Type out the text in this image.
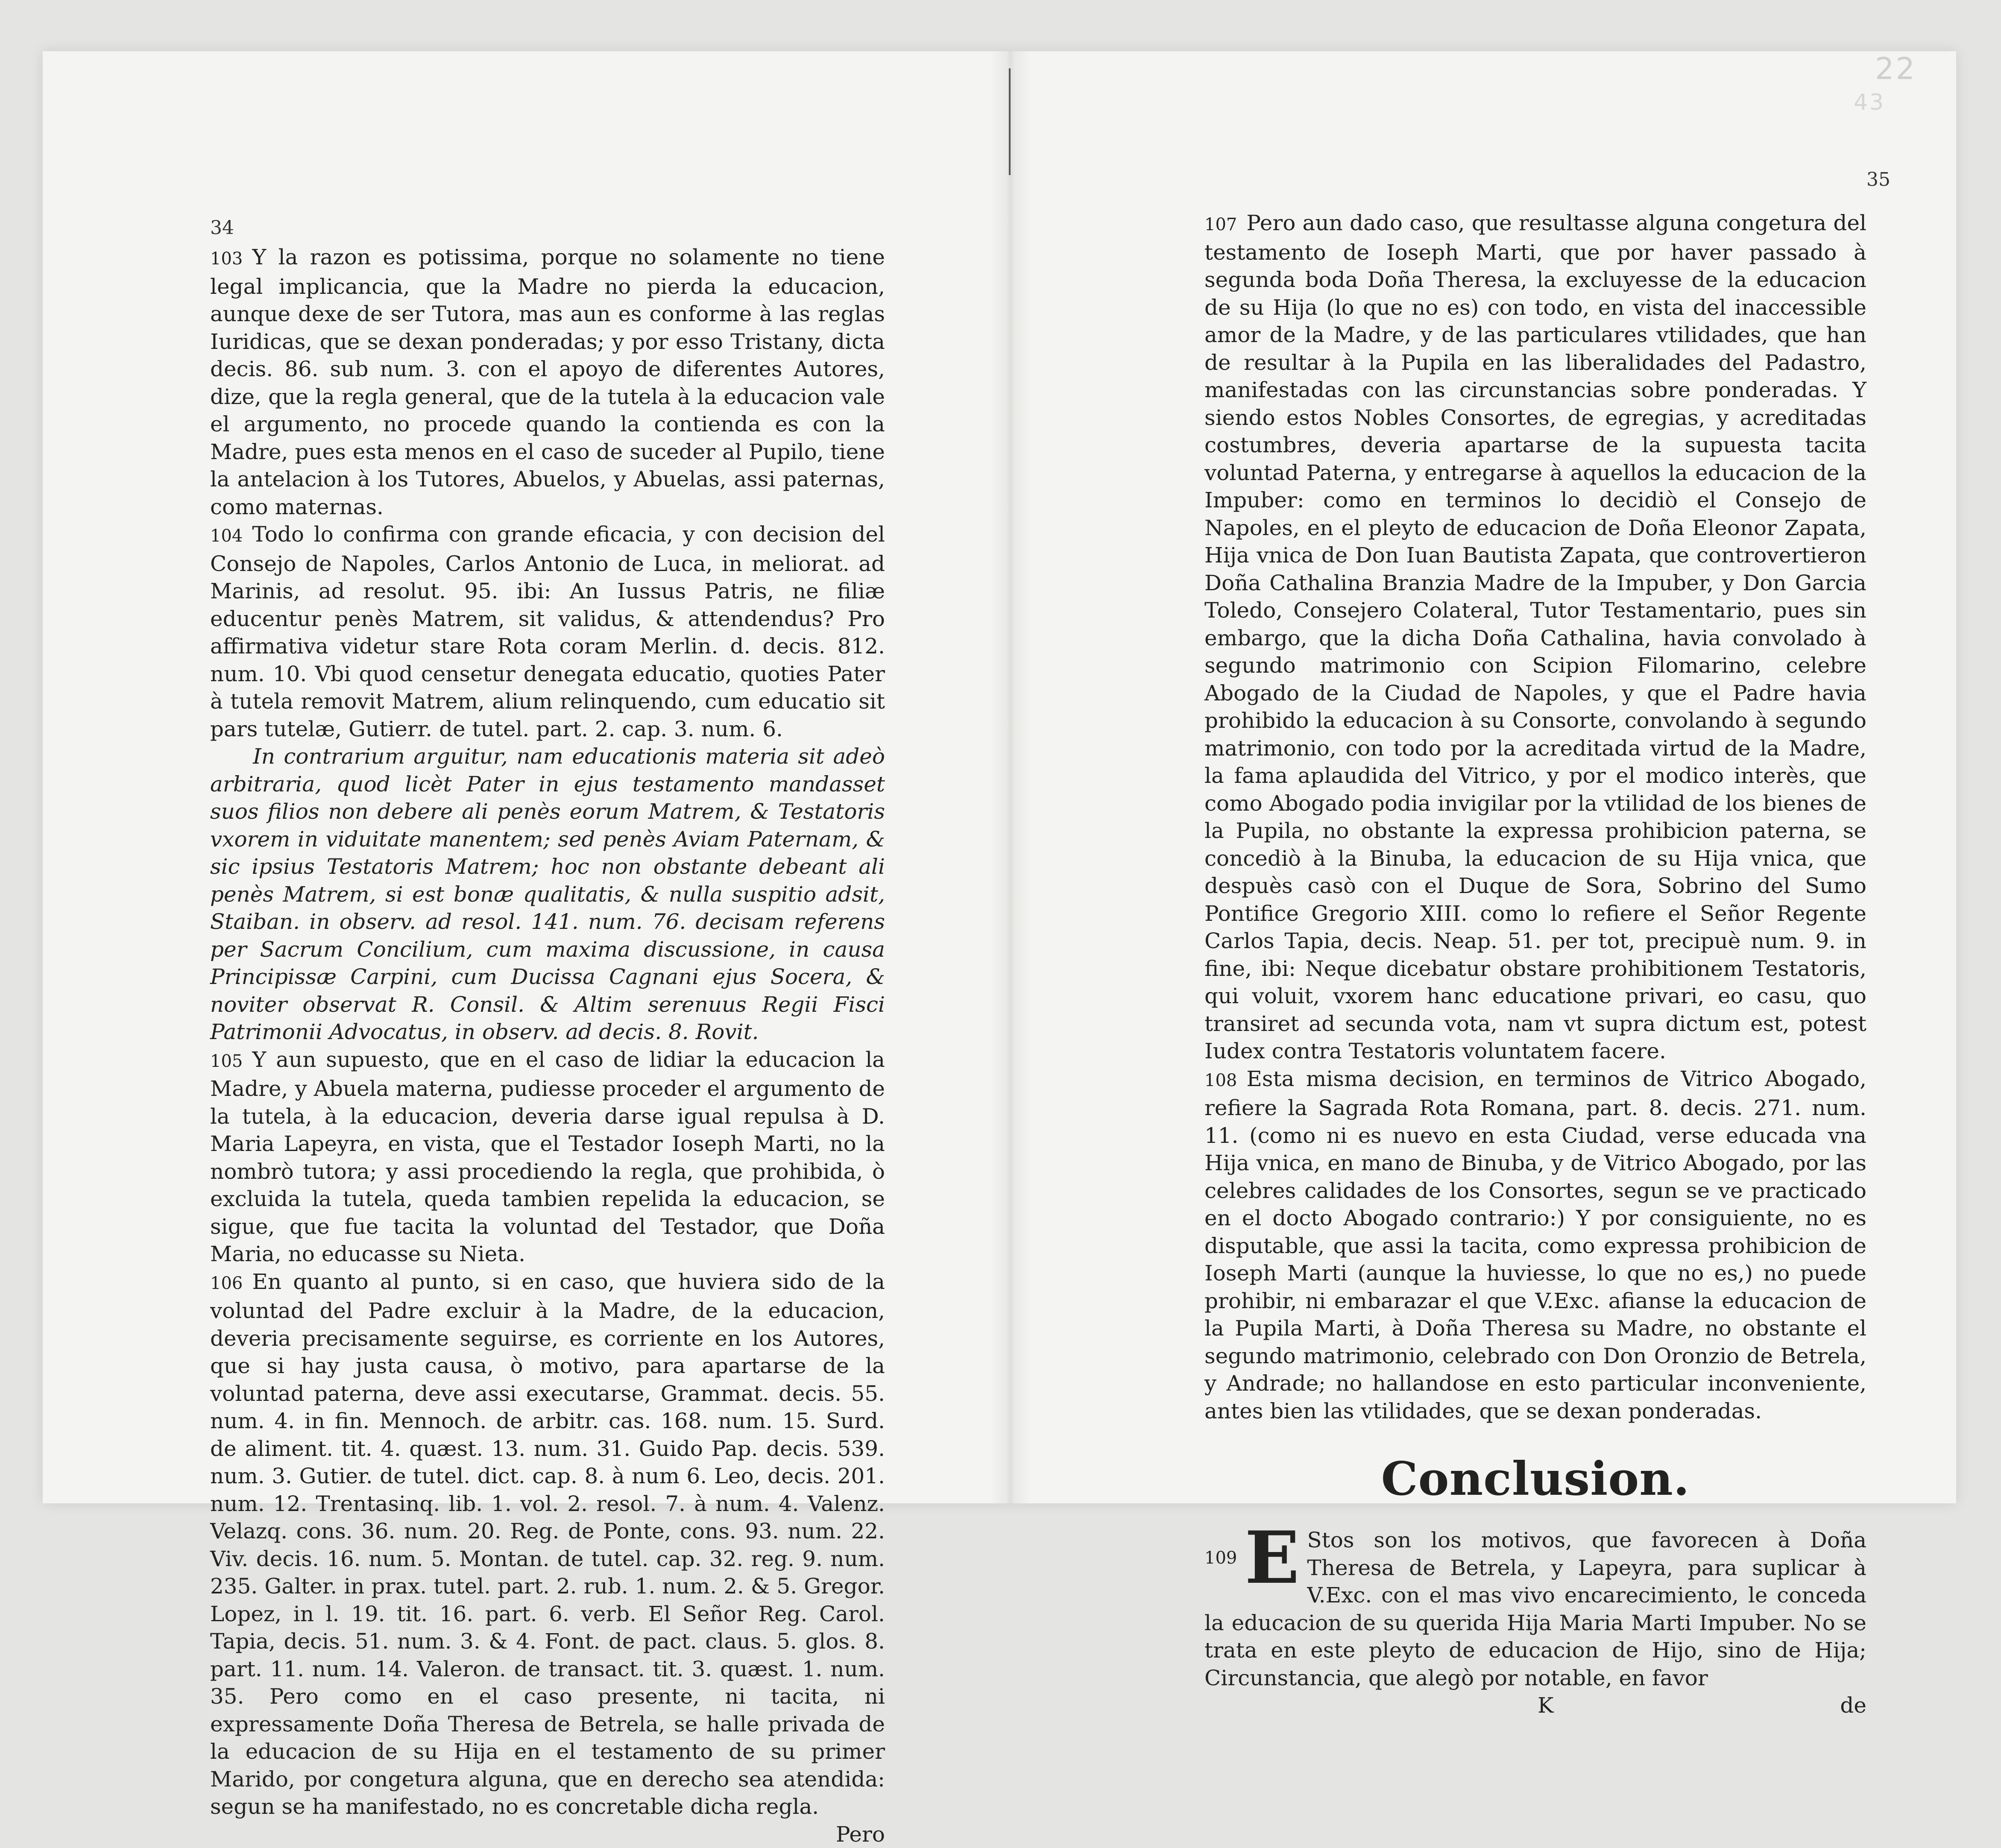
34

103 Y la razon es potissima, porque no solamente no tiene legal implicancia, que la Madre no pierda la educacion, aunque dexe de ser Tutora, mas aun es conforme à las reglas Iuridicas, que se dexan ponderadas; y por esso Tristany, dicta decis. 86. sub num. 3. con el apoyo de diferentes Autores, dize, que la regla general, que de la tutela à la educacion vale el argumento, no procede quando la contienda es con la Madre, pues esta menos en el caso de suceder al Pupilo, tiene la antelacion à los Tutores, Abuelos, y Abuelas, assi paternas, como maternas.

104 Todo lo confirma con grande eficacia, y con decision del Consejo de Napoles, Carlos Antonio de Luca, in meliorat. ad Marinis, ad resolut. 95. ibi: An Iussus Patris, ne filiæ educentur penès Matrem, sit validus, & attendendus? Pro affirmativa videtur stare Rota coram Merlin. d. decis. 812. num. 10. Vbi quod censetur denegata educatio, quoties Pater à tutela removit Matrem, alium relinquendo, cum educatio sit pars tutelæ, Gutierr. de tutel. part. 2. cap. 3. num. 6.

In contrarium arguitur, nam educationis materia sit adeò arbitraria, quod licèt Pater in ejus testamento mandasset suos filios non debere ali penès eorum Matrem, & Testatoris vxorem in viduitate manentem; sed penès Aviam Paternam, & sic ipsius Testatoris Matrem; hoc non obstante debeant ali penès Matrem, si est bonæ qualitatis, & nulla suspitio adsit, Staiban. in observ. ad resol. 141. num. 76. decisam referens per Sacrum Concilium, cum maxima discussione, in causa Principissæ Carpini, cum Ducissa Cagnani ejus Socera, & noviter observat R. Consil. & Altim serenuus Regii Fisci Patrimonii Advocatus, in observ. ad decis. 8. Rovit.

105 Y aun supuesto, que en el caso de lidiar la educacion la Madre, y Abuela materna, pudiesse proceder el argumento de la tutela, à la educacion, deveria darse igual repulsa à D. Maria Lapeyra, en vista, que el Testador Ioseph Marti, no la nombrò tutora; y assi procediendo la regla, que prohibida, ò excluida la tutela, queda tambien repelida la educacion, se sigue, que fue tacita la voluntad del Testador, que Doña Maria, no educasse su Nieta.

106 En quanto al punto, si en caso, que huviera sido de la voluntad del Padre excluir à la Madre, de la educacion, deveria precisamente seguirse, es corriente en los Autores, que si hay justa causa, ò motivo, para apartarse de la voluntad paterna, deve assi executarse, Grammat. decis. 55. num. 4. in fin. Mennoch. de arbitr. cas. 168. num. 15. Surd. de aliment. tit. 4. quæst. 13. num. 31. Guido Pap. decis. 539. num. 3. Gutier. de tutel. dict. cap. 8. à num 6. Leo, decis. 201. num. 12. Trentasinq. lib. 1. vol. 2. resol. 7. à num. 4. Valenz. Velazq. cons. 36. num. 20. Reg. de Ponte, cons. 93. num. 22. Viv. decis. 16. num. 5. Montan. de tutel. cap. 32. reg. 9. num. 235. Galter. in prax. tutel. part. 2. rub. 1. num. 2. & 5. Gregor. Lopez, in l. 19. tit. 16. part. 6. verb. El Señor Reg. Carol. Tapia, decis. 51. num. 3. & 4. Font. de pact. claus. 5. glos. 8. part. 11. num. 14. Valeron. de transact. tit. 3. quæst. 1. num. 35. Pero como en el caso presente, ni tacita, ni expressamente Doña Theresa de Betrela, se halle privada de la educacion de su Hija en el testamento de su primer Marido, por congetura alguna, que en derecho sea atendida: segun se ha manifestado, no es concretable dicha regla.

Pero
22
43
35

107 Pero aun dado caso, que resultasse alguna congetura del testamento de Ioseph Marti, que por haver passado à segunda boda Doña Theresa, la excluyesse de la educacion de su Hija (lo que no es) con todo, en vista del inaccessible amor de la Madre, y de las particulares vtilidades, que han de resultar à la Pupila en las liberalidades del Padastro, manifestadas con las circunstancias sobre ponderadas. Y siendo estos Nobles Consortes, de egregias, y acreditadas costumbres, deveria apartarse de la supuesta tacita voluntad Paterna, y entregarse à aquellos la educacion de la Impuber: como en terminos lo decidiò el Consejo de Napoles, en el pleyto de educacion de Doña Eleonor Zapata, Hija vnica de Don Iuan Bautista Zapata, que controvertieron Doña Cathalina Branzia Madre de la Impuber, y Don Garcia Toledo, Consejero Colateral, Tutor Testamentario, pues sin embargo, que la dicha Doña Cathalina, havia convolado à segundo matrimonio con Scipion Filomarino, celebre Abogado de la Ciudad de Napoles, y que el Padre havia prohibido la educacion à su Consorte, convolando à segundo matrimonio, con todo por la acreditada virtud de la Madre, la fama aplaudida del Vitrico, y por el modico interès, que como Abogado podia invigilar por la vtilidad de los bienes de la Pupila, no obstante la expressa prohibicion paterna, se concediò à la Binuba, la educacion de su Hija vnica, que despuès casò con el Duque de Sora, Sobrino del Sumo Pontifice Gregorio XIII. como lo refiere el Señor Regente Carlos Tapia, decis. Neap. 51. per tot, precipuè num. 9. in fine, ibi: Neque dicebatur obstare prohibitionem Testatoris, qui voluit, vxorem hanc educatione privari, eo casu, quo transiret ad secunda vota, nam vt supra dictum est, potest Iudex contra Testatoris voluntatem facere.

108 Esta misma decision, en terminos de Vitrico Abogado, refiere la Sagrada Rota Romana, part. 8. decis. 271. num. 11. (como ni es nuevo en esta Ciudad, verse educada vna Hija vnica, en mano de Binuba, y de Vitrico Abogado, por las celebres calidades de los Consortes, segun se ve practicado en el docto Abogado contrario:) Y por consiguiente, no es disputable, que assi la tacita, como expressa prohibicion de Ioseph Marti (aunque la huviesse, lo que no es,) no puede prohibir, ni embarazar el que V.Exc. afianse la educacion de la Pupila Marti, à Doña Theresa su Madre, no obstante el segundo matrimonio, celebrado con Don Oronzio de Betrela, y Andrade; no hallandose en esto particular inconveniente, antes bien las vtilidades, que se dexan ponderadas.

Conclusion.

109 E Stos son los motivos, que favorecen à Doña Theresa de Betrela, y Lapeyra, para suplicar à V.Exc. con el mas vivo encarecimiento, le conceda la educacion de su querida Hija Maria Marti Impuber. No se trata en este pleyto de educacion de Hijo, sino de Hija; Circunstancia, que alegò por notable, en favor

K	de
